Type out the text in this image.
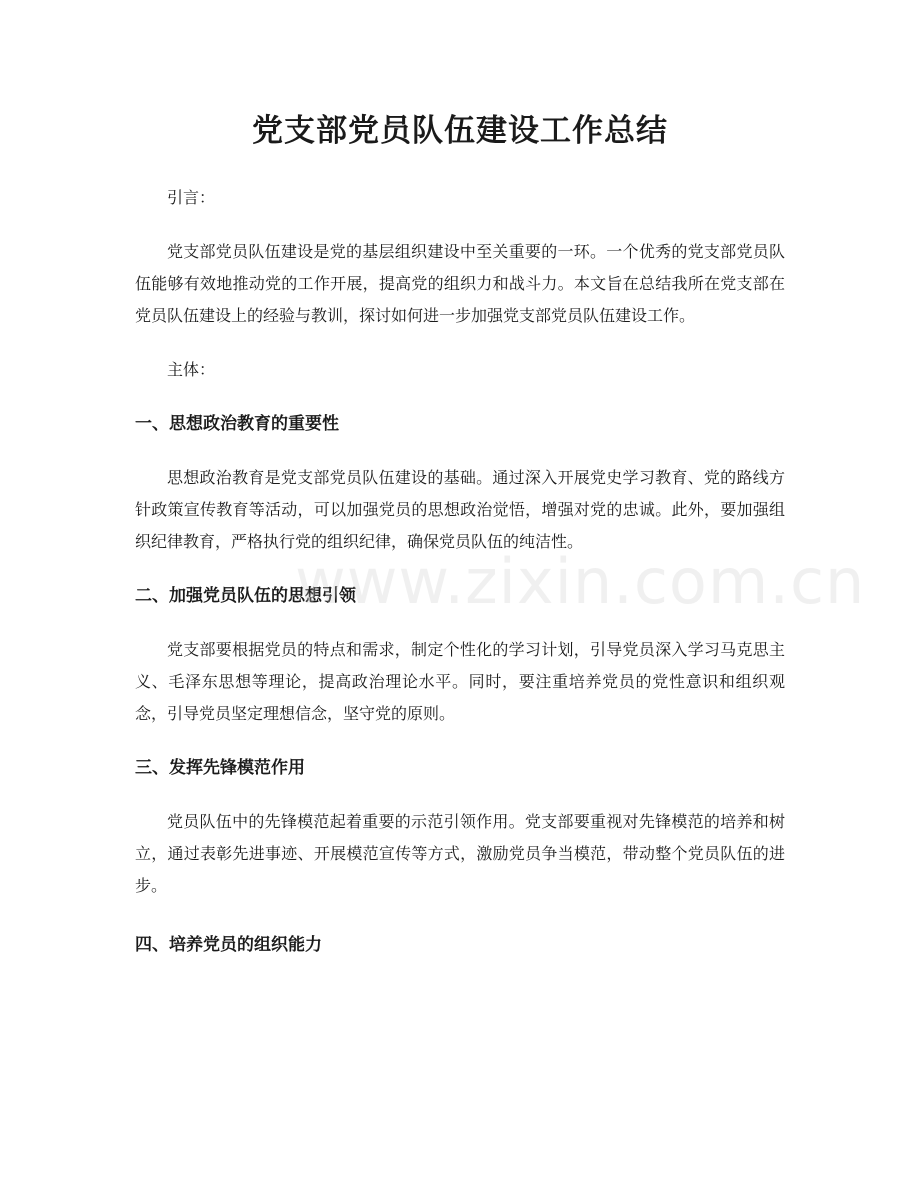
党支部党员队伍建设工作总结

引言：

党支部党员队伍建设是党的基层组织建设中至关重要的一环。一个优秀的党支部党员队伍能够有效地推动党的工作开展，提高党的组织力和战斗力。本文旨在总结我所在党支部在党员队伍建设上的经验与教训，探讨如何进一步加强党支部党员队伍建设工作。

主体：

一、思想政治教育的重要性

思想政治教育是党支部党员队伍建设的基础。通过深入开展党史学习教育、党的路线方针政策宣传教育等活动，可以加强党员的思想政治觉悟，增强对党的忠诚。此外，要加强组织纪律教育，严格执行党的组织纪律，确保党员队伍的纯洁性。

二、加强党员队伍的思想引领

党支部要根据党员的特点和需求，制定个性化的学习计划，引导党员深入学习马克思主义、毛泽东思想等理论，提高政治理论水平。同时，要注重培养党员的党性意识和组织观念，引导党员坚定理想信念，坚守党的原则。

三、发挥先锋模范作用

党员队伍中的先锋模范起着重要的示范引领作用。党支部要重视对先锋模范的培养和树立，通过表彰先进事迹、开展模范宣传等方式，激励党员争当模范，带动整个党员队伍的进步。

四、培养党员的组织能力
www.zixin.com.cn
